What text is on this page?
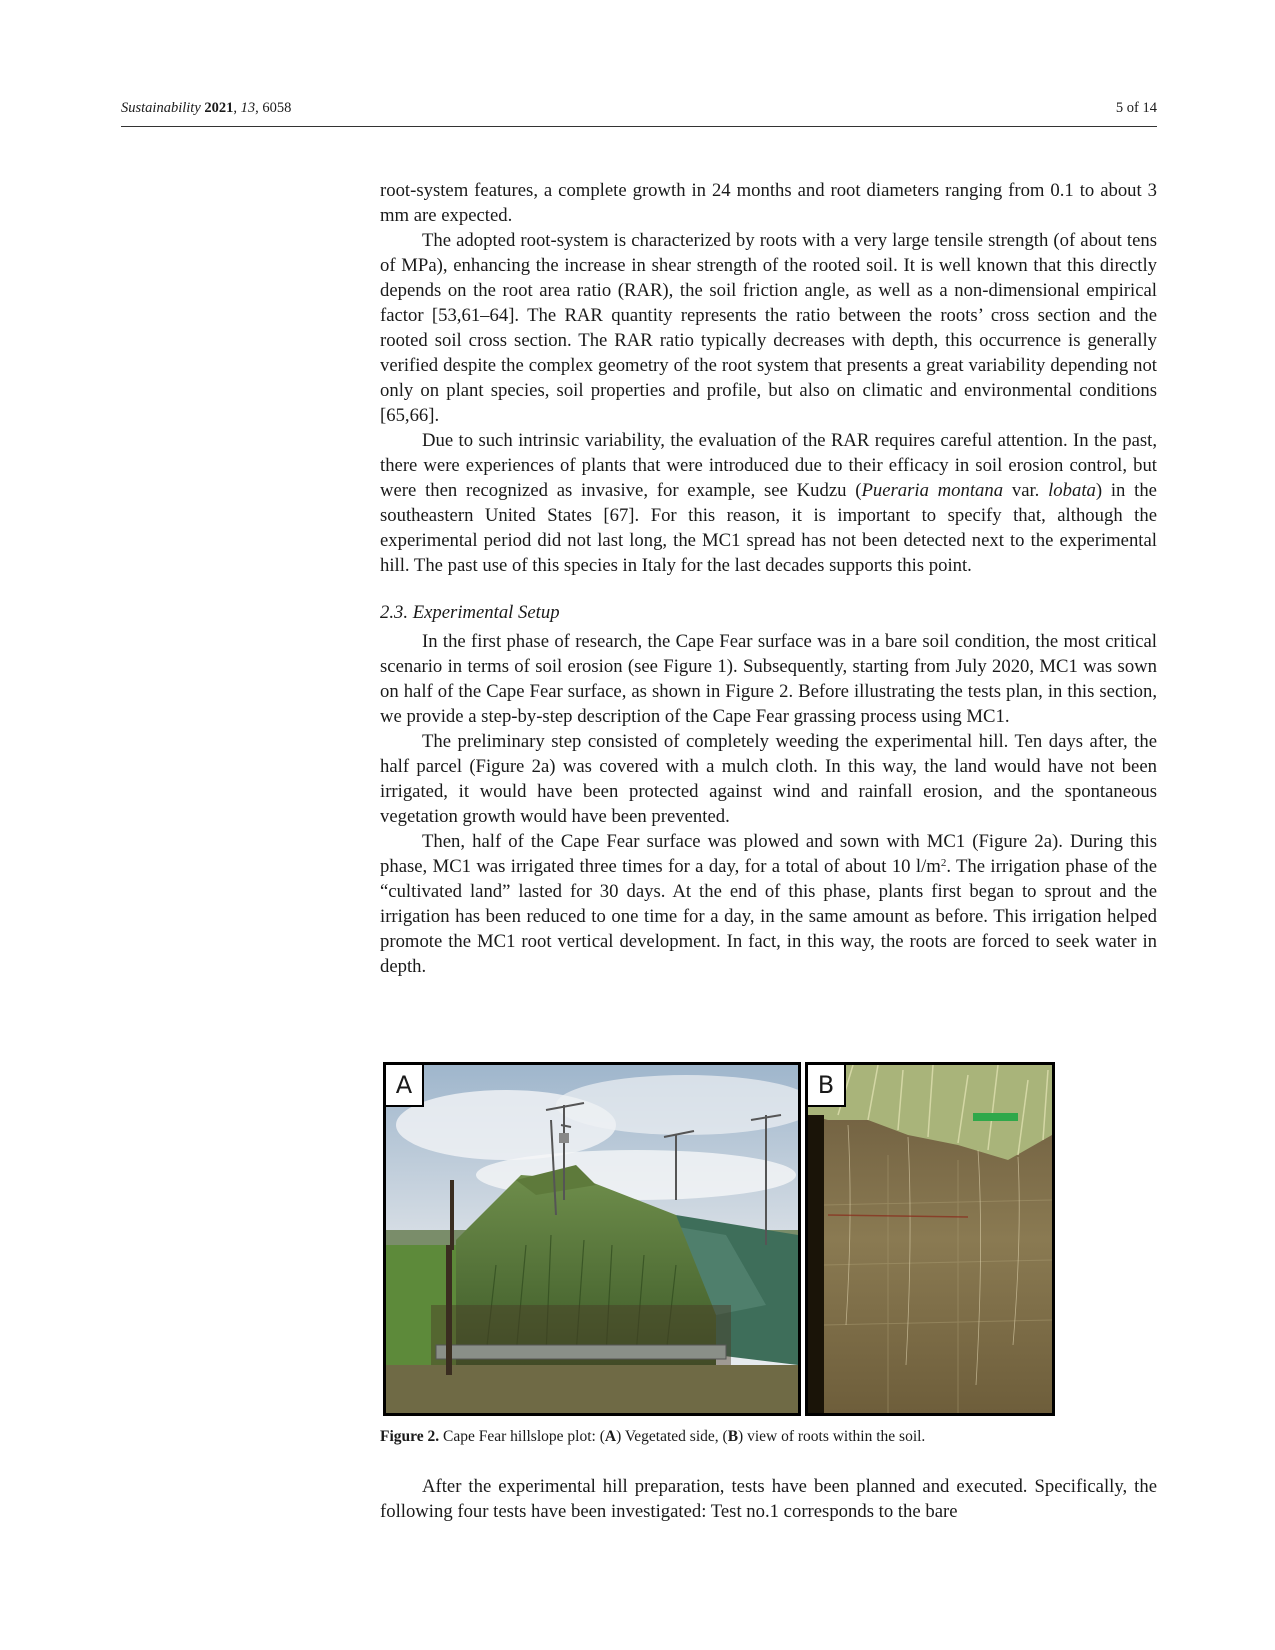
Sustainability 2021, 13, 6058	5 of 14

root-system features, a complete growth in 24 months and root diameters ranging from 0.1 to about 3 mm are expected.

The adopted root-system is characterized by roots with a very large tensile strength (of about tens of MPa), enhancing the increase in shear strength of the rooted soil. It is well known that this directly depends on the root area ratio (RAR), the soil friction angle, as well as a non-dimensional empirical factor [53,61–64]. The RAR quantity represents the ratio between the roots’ cross section and the rooted soil cross section. The RAR ratio typically decreases with depth, this occurrence is generally verified despite the complex geometry of the root system that presents a great variability depending not only on plant species, soil properties and profile, but also on climatic and environmental conditions [65,66].

Due to such intrinsic variability, the evaluation of the RAR requires careful attention. In the past, there were experiences of plants that were introduced due to their efficacy in soil erosion control, but were then recognized as invasive, for example, see Kudzu (Pueraria montana var. lobata) in the southeastern United States [67]. For this reason, it is important to specify that, although the experimental period did not last long, the MC1 spread has not been detected next to the experimental hill. The past use of this species in Italy for the last decades supports this point.

2.3. Experimental Setup

In the first phase of research, the Cape Fear surface was in a bare soil condition, the most critical scenario in terms of soil erosion (see Figure 1). Subsequently, starting from July 2020, MC1 was sown on half of the Cape Fear surface, as shown in Figure 2. Before illustrating the tests plan, in this section, we provide a step-by-step description of the Cape Fear grassing process using MC1.

The preliminary step consisted of completely weeding the experimental hill. Ten days after, the half parcel (Figure 2a) was covered with a mulch cloth. In this way, the land would have not been irrigated, it would have been protected against wind and rainfall erosion, and the spontaneous vegetation growth would have been prevented.

Then, half of the Cape Fear surface was plowed and sown with MC1 (Figure 2a). During this phase, MC1 was irrigated three times for a day, for a total of about 10 $l/m^2$. The irrigation phase of the “cultivated land” lasted for 30 days. At the end of this phase, plants first began to sprout and the irrigation has been reduced to one time for a day, in the same amount as before. This irrigation helped promote the MC1 root vertical development. In fact, in this way, the roots are forced to seek water in depth.

A	B
Figure 2. Cape Fear hillslope plot: (A) Vegetated side, (B) view of roots within the soil.

After the experimental hill preparation, tests have been planned and executed. Specifically, the following four tests have been investigated: Test no.1 corresponds to the bare
